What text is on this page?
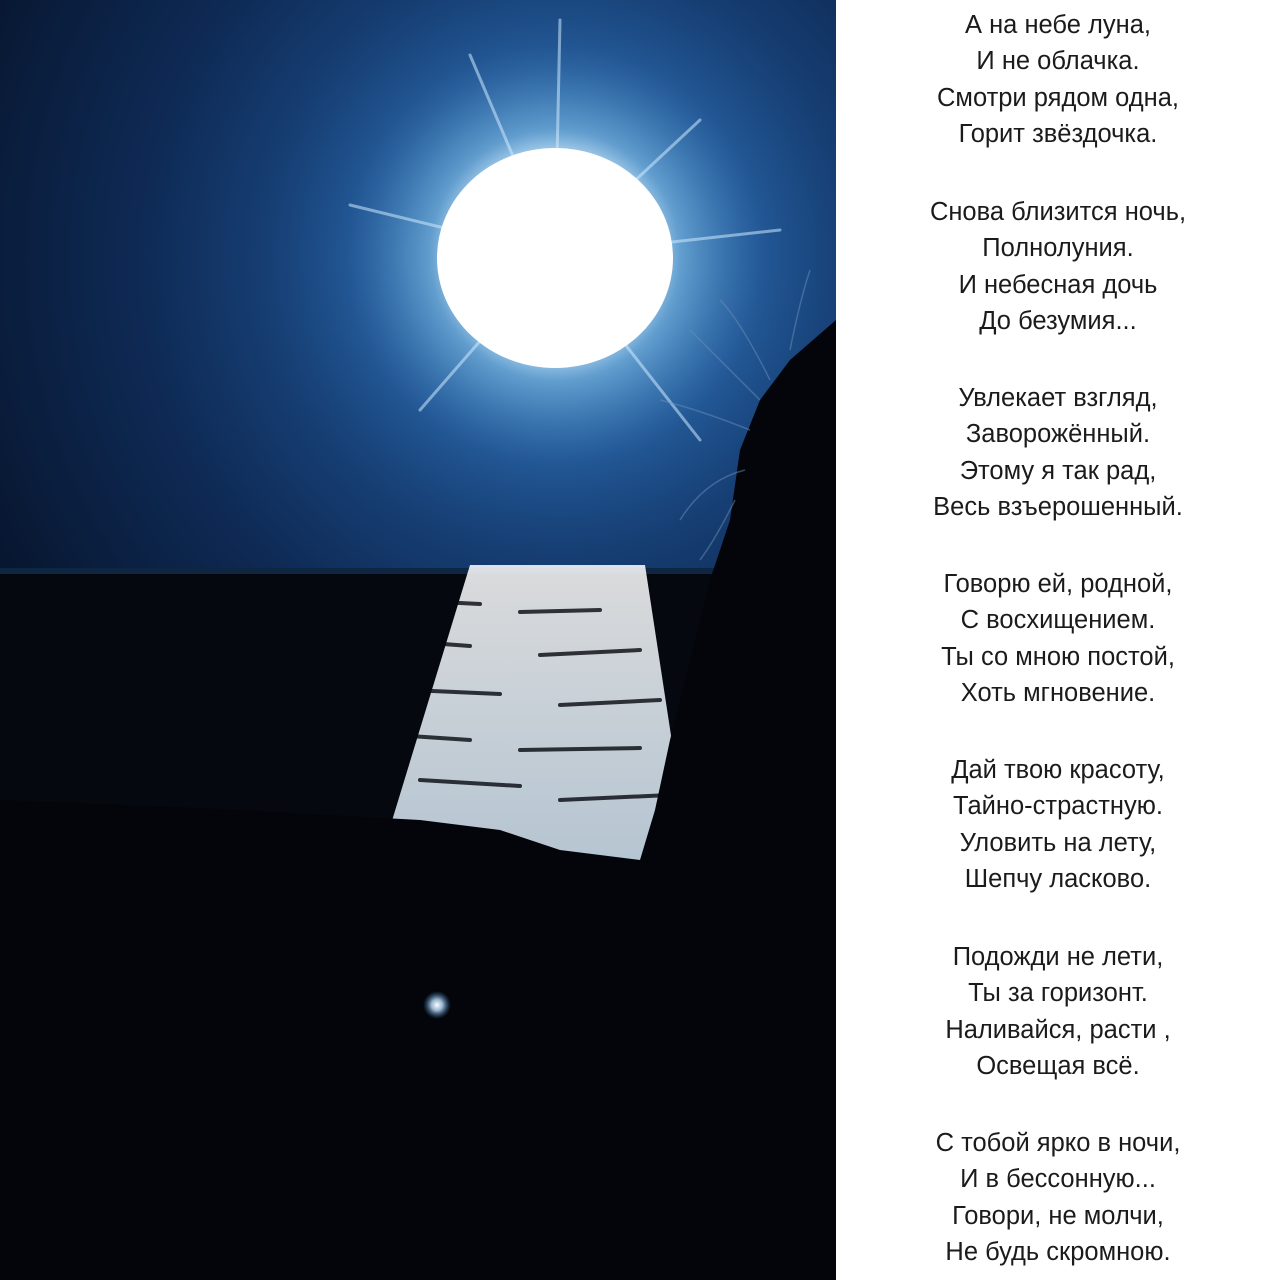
А на небе луна,
И не облачка.
Смотри рядом одна,
Горит звёздочка.
Снова близится ночь,
Полнолуния.
И небесная дочь
До безумия...
Увлекает взгляд,
Заворожённый.
Этому я так рад,
Весь взъерошенный.
Говорю ей, родной,
С восхищением.
Ты со мною постой,
Хоть мгновение.
Дай твою красоту,
Тайно-страстную.
Уловить на лету,
Шепчу ласково.
Подожди не лети,
Ты за горизонт.
Наливайся, расти ,
Освещая всё.
С тобой ярко в ночи,
И в бессонную...
Говори, не молчи,
Не будь скромною.
